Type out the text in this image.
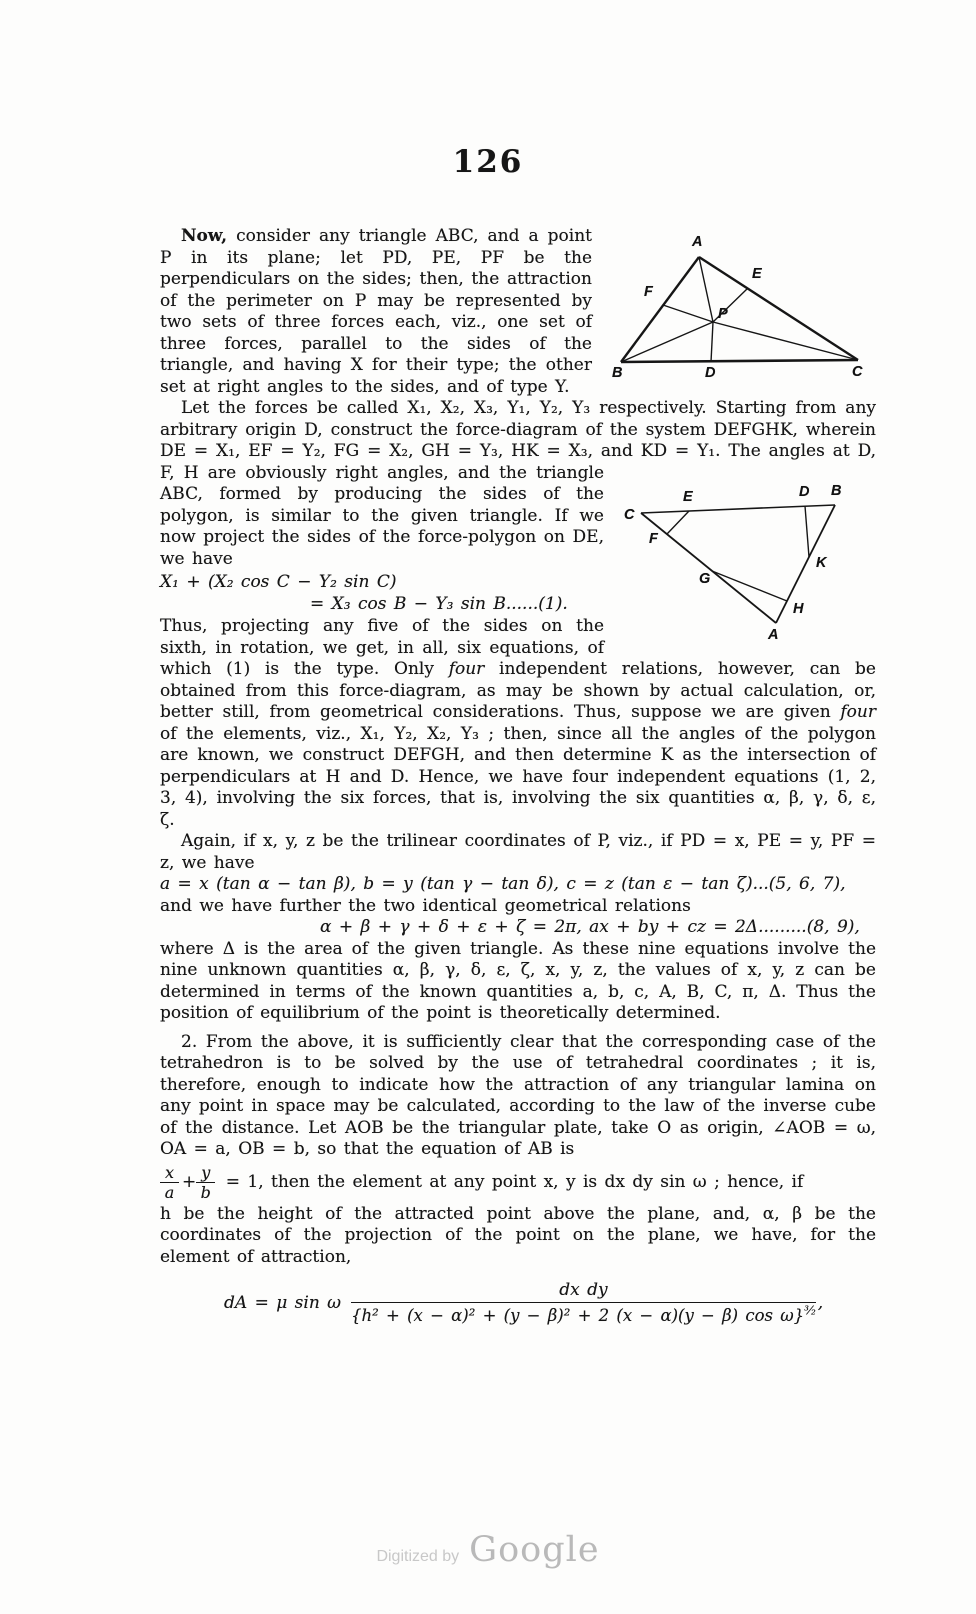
126

A
B	C
D
E
F
P
Now, consider any triangle ABC, and a point P in its plane; let PD, PE, PF be the perpendiculars on the sides; then, the attraction of the perimeter on P may be represented by two sets of three forces each, viz., one set of three forces, parallel to the sides of the triangle, and having X for their type; the other set at right angles to the sides, and of type Y.

Let the forces be called X₁, X₂, X₃, Y₁, Y₂, Y₃ respectively. Starting from any arbitrary origin D, construct the force-diagram of the system DEFGHK, wherein DE = X₁, EF = Y₂, FG = X₂, GH = Y₃, HK = X₃, and KD = Y₁. The angles at D, F, H are obviously right angles, and
C
E	D B
F
G
K
H
A
the triangle ABC, formed by producing the sides of the polygon, is similar to the given triangle. If we now project the sides of the force-polygon on DE, we have

X₁ + (X₂ cos C − Y₂ sin C)
= X₃ cos B − Y₃ sin B......(1).

Thus, projecting any five of the sides on the sixth, in rotation, we get, in all, six equations, of which (1) is the type. Only four independent relations, however, can be obtained from this force-diagram, as may be shown by actual calculation, or, better still, from geometrical considerations. Thus, suppose we are given four of the elements, viz., X₁, Y₂, X₂, Y₃ ; then, since all the angles of the polygon are known, we construct DEFGH, and then determine K as the intersection of perpendiculars at H and D. Hence, we have four independent equations (1, 2, 3, 4), involving the six forces, that is, involving the six quantities α, β, γ, δ, ε, ζ.

Again, if x, y, z be the trilinear coordinates of P, viz., if PD = x, PE = y, PF = z, we have

a = x (tan α − tan β), b = y (tan γ − tan δ), c = z (tan ε − tan ζ)...(5, 6, 7),

and we have further the two identical geometrical relations

α + β + γ + δ + ε + ζ = 2π, ax + by + cz = 2Δ.........(8, 9),

where Δ is the area of the given triangle. As these nine equations involve the nine unknown quantities α, β, γ, δ, ε, ζ, x, y, z, the values of x, y, z can be determined in terms of the known quantities a, b, c, A, B, C, π, Δ. Thus the position of equilibrium of the point is theoretically determined.

2. From the above, it is sufficiently clear that the corresponding case of the tetrahedron is to be solved by the use of tetrahedral coordinates ; it is, therefore, enough to indicate how the attraction of any triangular lamina on any point in space may be calculated, according to the law of the inverse cube of the distance. Let AOB be the triangular plate, take O as origin, ∠AOB = ω, OA = a, OB = b, so that the equation of AB is

$\frac{x}{a} + \frac{y}{b} = 1$, then the element at any point x, y is dx dy sin ω ; hence, if

h be the height of the attracted point above the plane, and, α, β be the coordinates of the projection of the point on the plane, we have, for the element of attraction,

dA = μ sin ω $\frac{\text{dx dy}}{\{h^2 + (x - \alpha)^2 + (y - \beta)^2 + 2 (x - \alpha)(y - \beta) \cos \omega\}^{^3⁄_2}}$ ,
Digitized by Google
